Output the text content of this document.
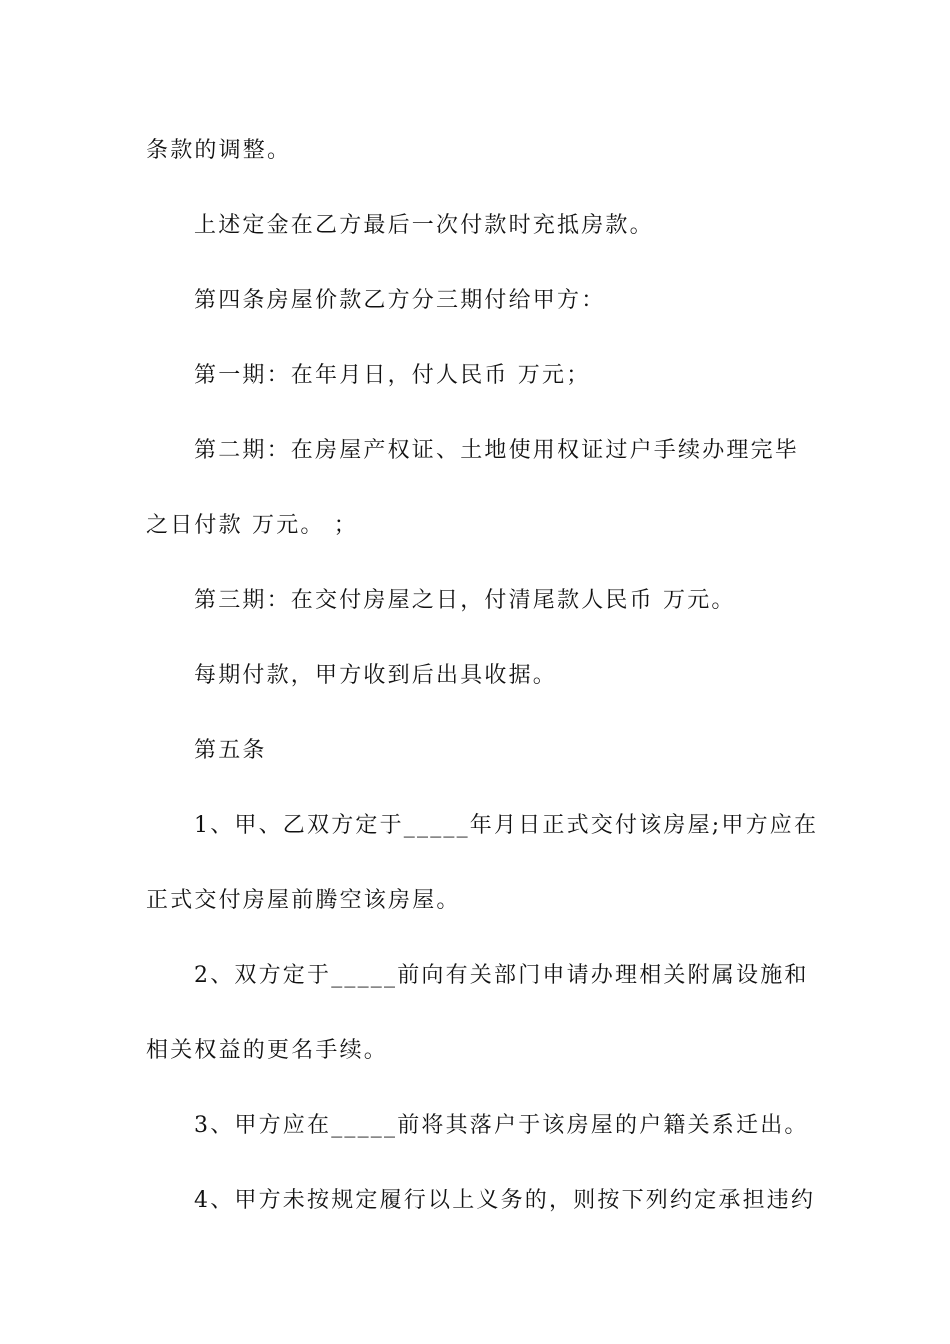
条款的调整。
上述定金在乙方最后一次付款时充抵房款。
第四条房屋价款乙方分三期付给甲方：
第一期：在年月日，付人民币 万元；
第二期：在房屋产权证、土地使用权证过户手续办理完毕
之日付款 万元。 ；
第三期：在交付房屋之日，付清尾款人民币 万元。
每期付款，甲方收到后出具收据。
第五条
1、甲、乙双方定于_____年月日正式交付该房屋;甲方应在
正式交付房屋前腾空该房屋。
2、双方定于_____前向有关部门申请办理相关附属设施和
相关权益的更名手续。
3、甲方应在_____前将其落户于该房屋的户籍关系迁出。
4、甲方未按规定履行以上义务的，则按下列约定承担违约
